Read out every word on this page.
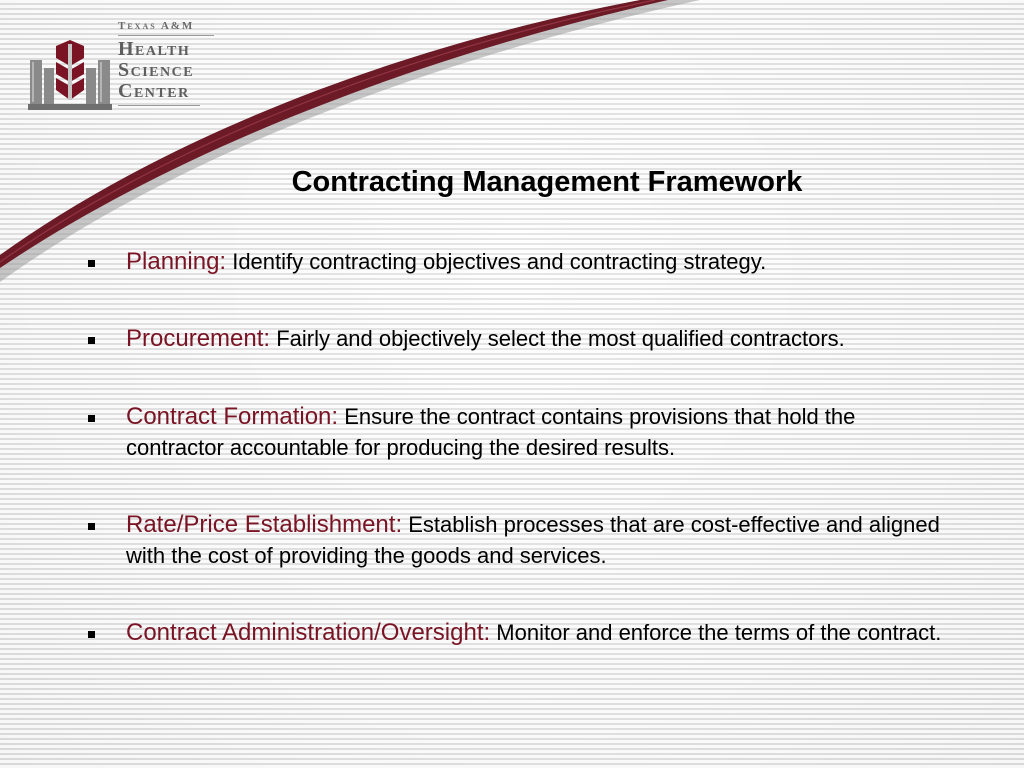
Texas A&M
Health
Science
Center
Contracting Management Framework
Planning: Identify contracting objectives and contracting strategy.
Procurement: Fairly and objectively select the most qualified contractors.
Contract Formation: Ensure the contract contains provisions that hold the contractor accountable for producing the desired results.
Rate/Price Establishment: Establish processes that are cost-effective and aligned with the cost of providing the goods and services.
Contract Administration/Oversight: Monitor and enforce the terms of the contract.
